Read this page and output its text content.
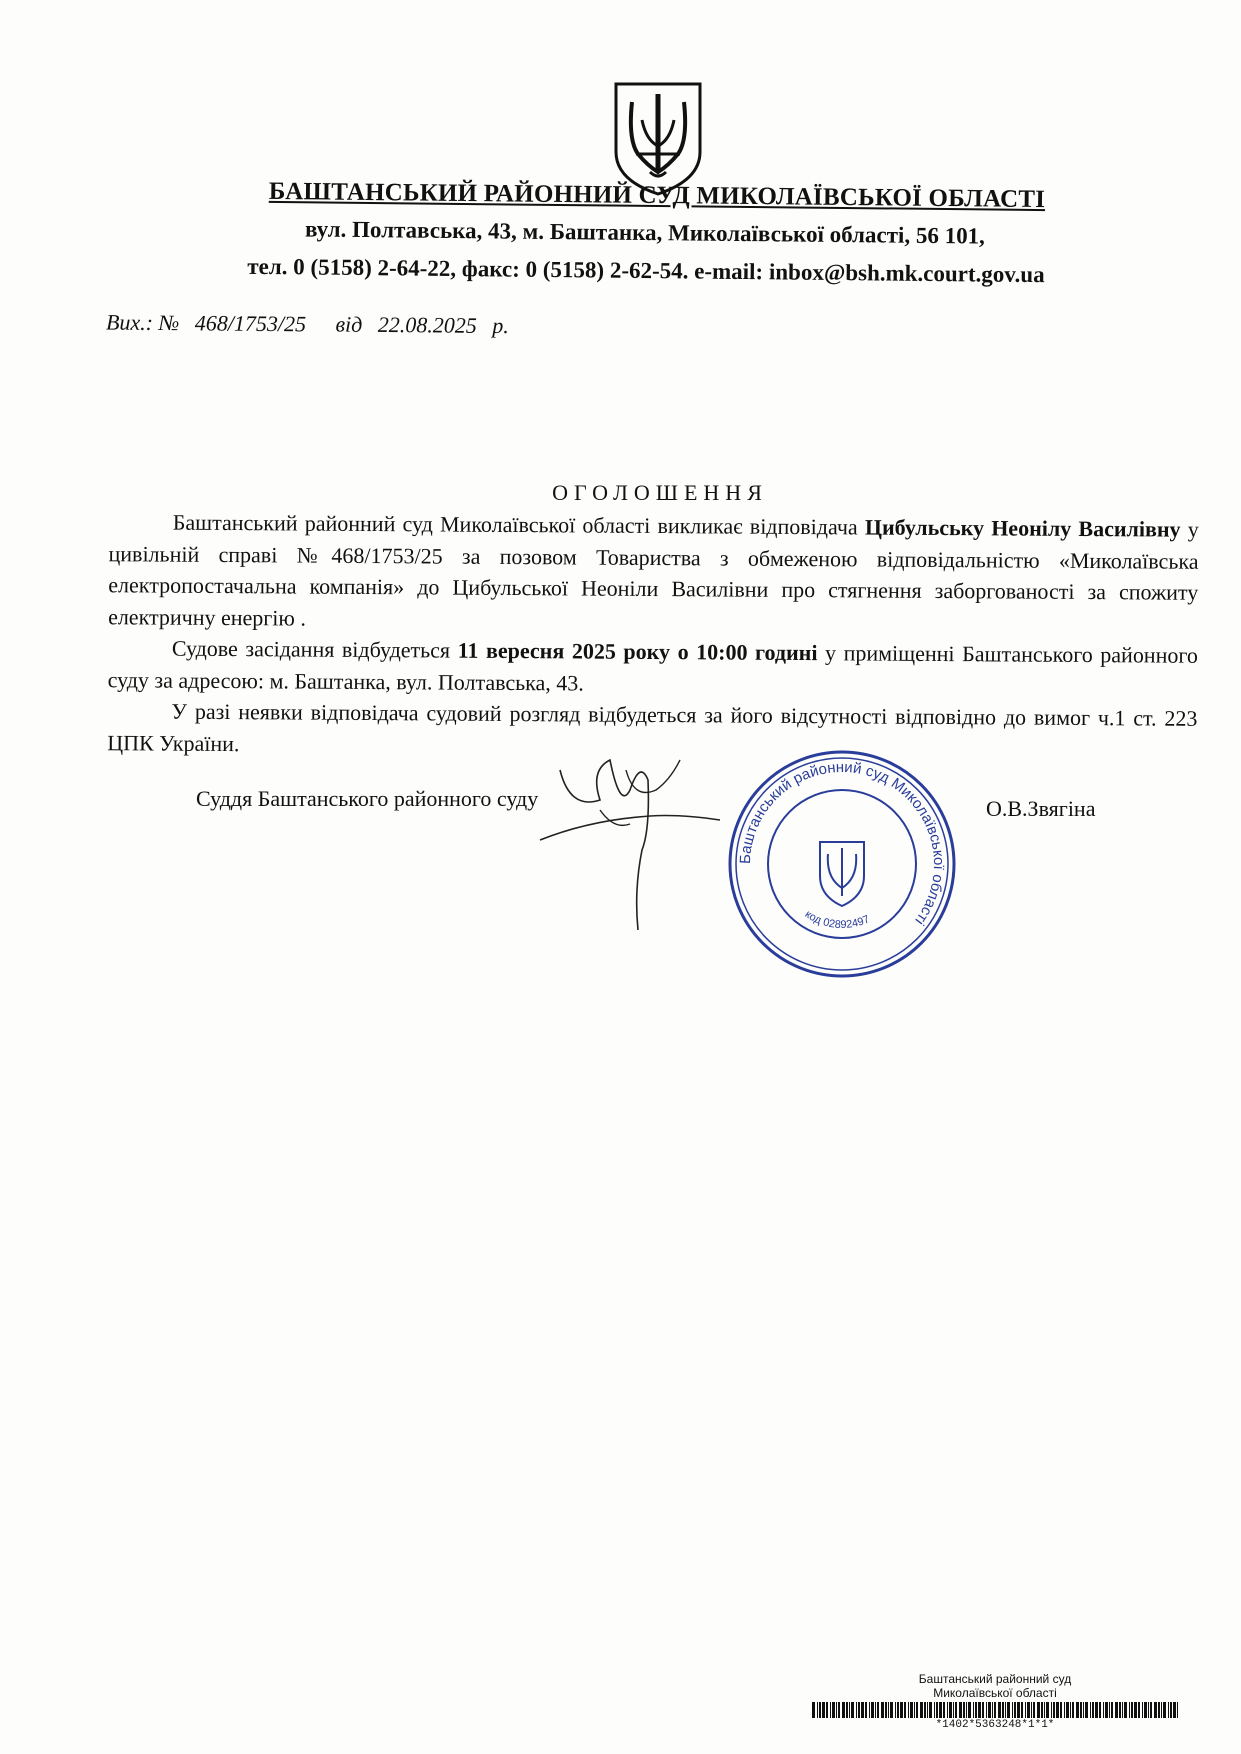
БАШТАНСЬКИЙ РАЙОННИЙ СУД МИКОЛАЇВСЬКОЇ ОБЛАСТІ
вул. Полтавська, 43, м. Баштанка, Миколаївської області, 56 101,
тел. 0 (5158) 2-64-22, факс: 0 (5158) 2-62-54. e-mail: inbox@bsh.mk.court.gov.ua
Вих.: № 468/1753/25 від 22.08.2025 р.
ОГОЛОШЕННЯ

Баштанський районний суд Миколаївської області викликає відповідача Цибульську Неонілу Василівну у цивільній справі №468/1753/25 за позовом Товариства з обмеженою відповідальністю «Миколаївська електропостачальна компанія» до Цибульської Неоніли Василівни про стягнення заборгованості за спожиту електричну енергію .

Судове засідання відбудеться 11 вересня 2025 року о 10:00 годині у приміщенні Баштанського районного суду за адресою: м. Баштанка, вул. Полтавська, 43.

У разі неявки відповідача судовий розгляд відбудеться за його відсутності відповідно до вимог ч.1 ст. 223 ЦПК України.

Суддя Баштанського районного суду	О.В.Звягіна
Баштанський районний суд Миколаївської області
код 02892497
Баштанський районний суд
Миколаївської області
*1402*5363248*1*1*
